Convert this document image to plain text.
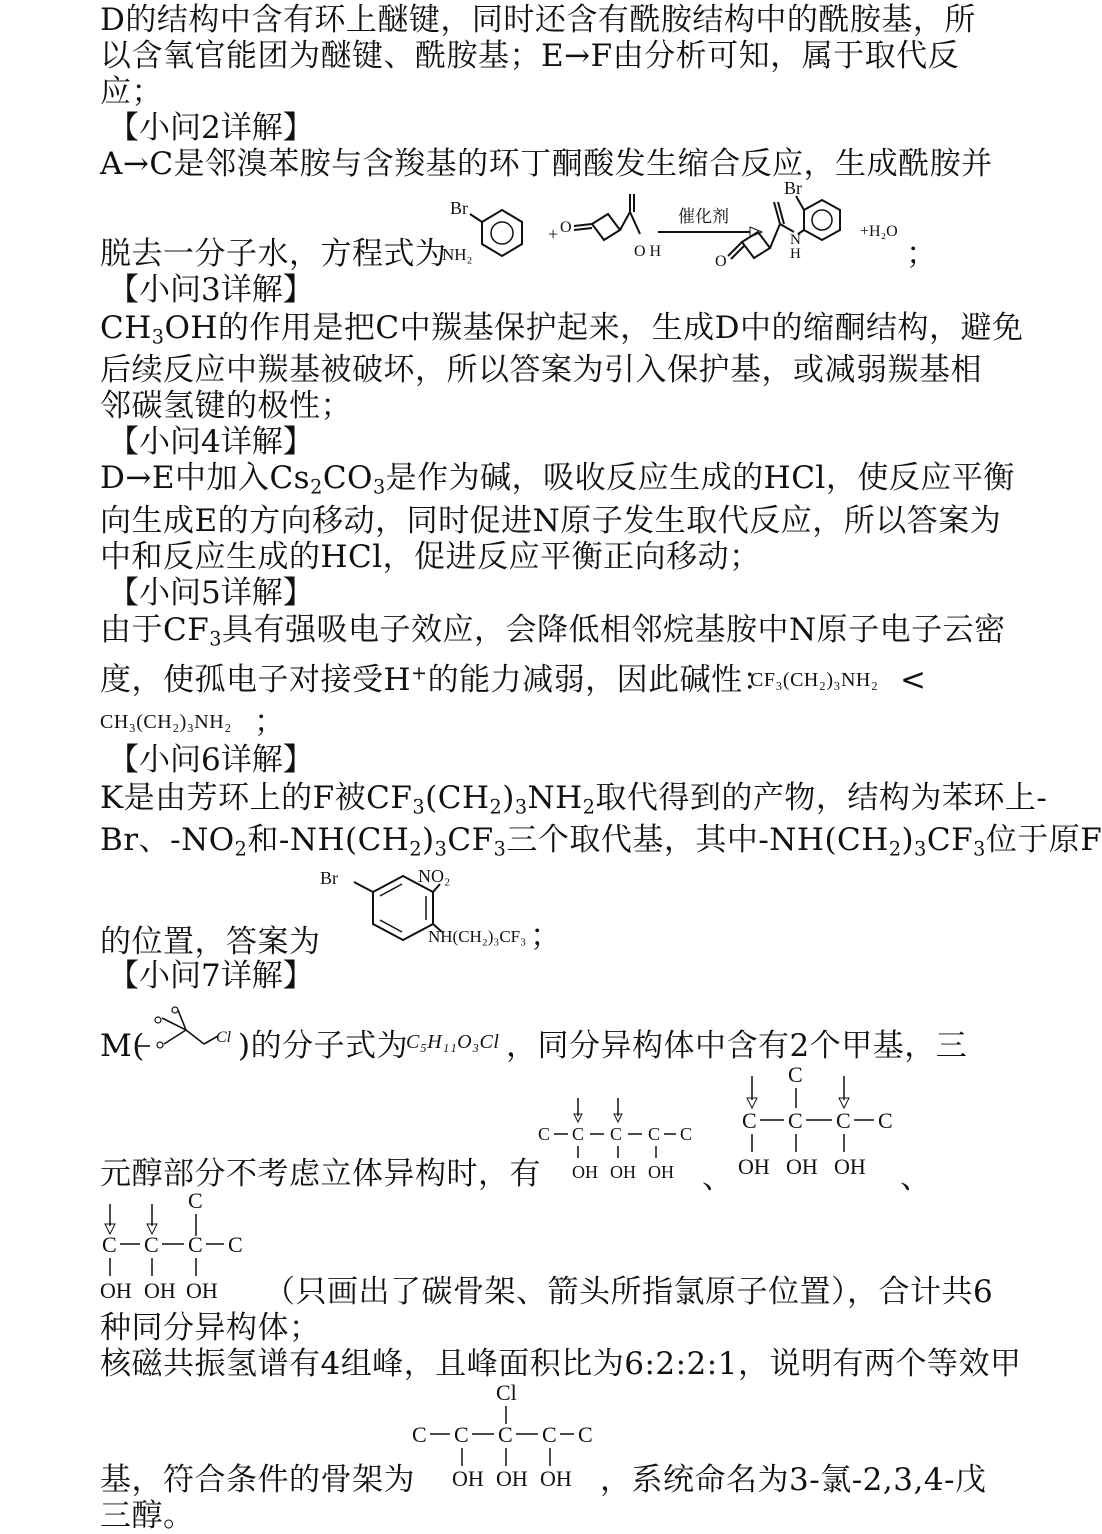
D的结构中含有环上醚键，同时还含有酰胺结构中的酰胺基，所
以含氧官能团为醚键、酰胺基；E→F由分析可知，属于取代反
应；
【小问2详解】
A→C是邻溴苯胺与含羧基的环丁酮酸发生缩合反应，生成酰胺并
脱去一分子水，方程式为	；
Br
NH₂
+ O
O H
催化剂
O
N
H
Br
+H₂O
【小问3详解】
$CH_3OH$的作用是把C中羰基保护起来，生成D中的缩酮结构，避免
后续反应中羰基被破坏，所以答案为引入保护基，或减弱羰基相
邻碳氢键的极性；
【小问4详解】
D→E中加入$Cs_2CO_3$是作为碱，吸收反应生成的HCl，使反应平衡
向生成E的方向移动，同时促进N原子发生取代反应，所以答案为
中和反应生成的HCl，促进反应平衡正向移动；
【小问5详解】
由于$CF_3$具有强吸电子效应，会降低相邻烷基胺中N原子电子云密
度，使孤电子对接受H+的能力减弱，因此碱性：
CF₃(CH₂)₃NH₂ <
CH₃(CH₂)₃NH₂ ；
【小问6详解】
K是由芳环上的F被$CF_3(CH_2)_3NH_2$取代得到的产物，结构为苯环上-
Br、$-NO_2$和$-NH(CH_2)_3CF_3$三个取代基，其中$-NH(CH_2)_3CF_3$位于原F
Br	NO₂
NH(CH₂)₃CF₃
的位置，答案为	；
【小问7详解】
M(	Cl )的分子式为
C₅H₁₁O₃Cl ，同分异构体中含有2个甲基，三
C C C C C
OH OH OH 、
C
C C C C
OH OH OH 、
元醇部分不考虑立体异构时，有
C
C C C C
OH OH OH （只画出了碳骨架、箭头所指氯原子位置），合计共6
种同分异构体；
核磁共振氢谱有4组峰，且峰面积比为6:2:2:1，说明有两个等效甲
Cl
C C C C C
OH OH OH
基，符合条件的骨架为	，系统命名为3-氯-2,3,4-戊
三醇。
